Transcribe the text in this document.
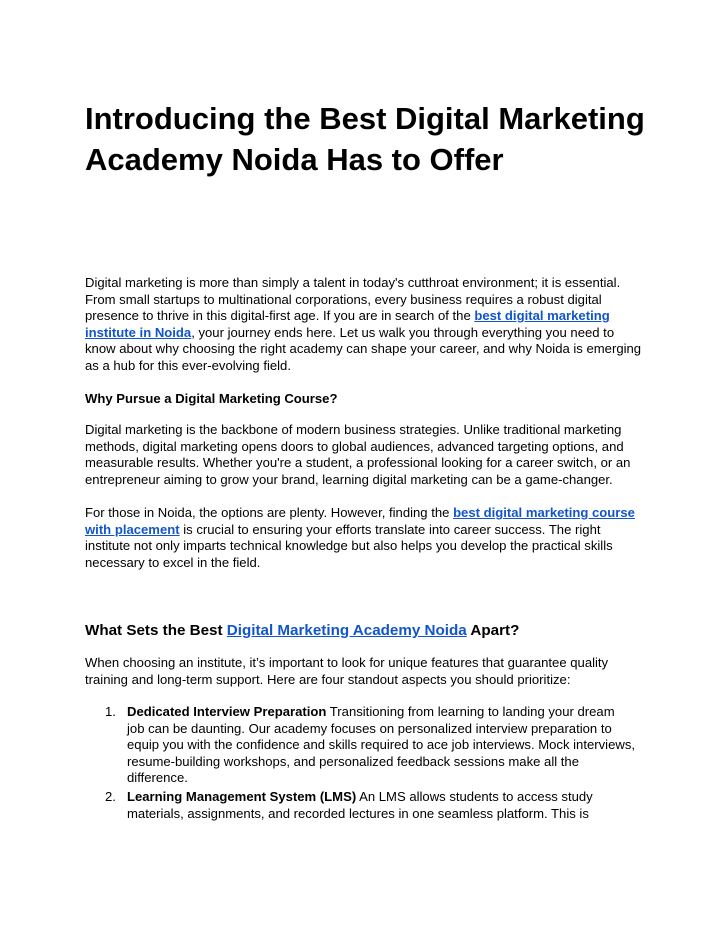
Introducing the Best Digital Marketing Academy Noida Has to Offer

Digital marketing is more than simply a talent in today's cutthroat environment; it is essential. From small startups to multinational corporations, every business requires a robust digital presence to thrive in this digital-first age. If you are in search of the best digital marketing institute in Noida, your journey ends here. Let us walk you through everything you need to know about why choosing the right academy can shape your career, and why Noida is emerging as a hub for this ever-evolving field.

Why Pursue a Digital Marketing Course?

Digital marketing is the backbone of modern business strategies. Unlike traditional marketing methods, digital marketing opens doors to global audiences, advanced targeting options, and measurable results. Whether you're a student, a professional looking for a career switch, or an entrepreneur aiming to grow your brand, learning digital marketing can be a game-changer.

For those in Noida, the options are plenty. However, finding the best digital marketing course with placement is crucial to ensuring your efforts translate into career success. The right institute not only imparts technical knowledge but also helps you develop the practical skills necessary to excel in the field.

What Sets the Best Digital Marketing Academy Noida Apart?

When choosing an institute, it’s important to look for unique features that guarantee quality training and long-term support. Here are four standout aspects you should prioritize:

1. Dedicated Interview Preparation Transitioning from learning to landing your dream job can be daunting. Our academy focuses on personalized interview preparation to equip you with the confidence and skills required to ace job interviews. Mock interviews, resume-building workshops, and personalized feedback sessions make all the difference.
2. Learning Management System (LMS) An LMS allows students to access study materials, assignments, and recorded lectures in one seamless platform. This is
